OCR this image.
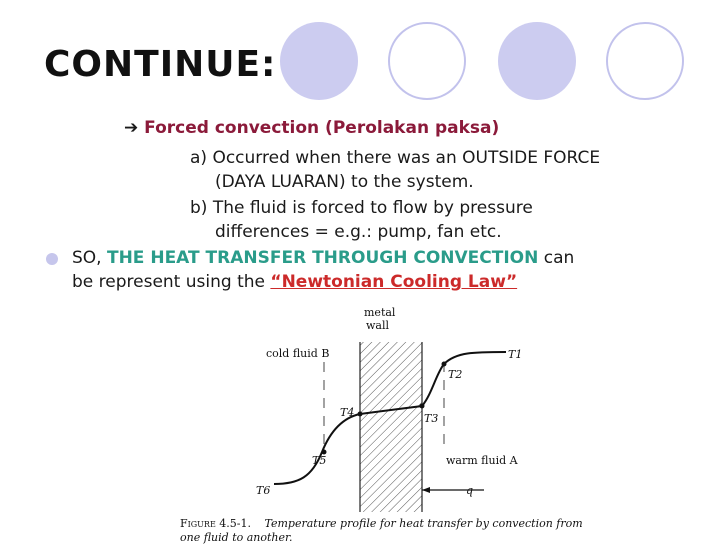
CONTINUE:
➔ Forced convection (Perolakan paksa)
a) Occurred when there was an OUTSIDE FORCE
(DAYA LUARAN) to the system.
b) The fluid is forced to flow by pressure
differences = e.g.: pump, fan etc.
SO, THE HEAT TRANSFER THROUGH CONVECTION can
be represent using the “Newtonian Cooling Law”
metal
wall
cold fluid B
warm fluid A
T1
T2
T3
T4
T5
T6	q
Figure 4.5-1. Temperature profile for heat transfer by convection from one fluid to another.
